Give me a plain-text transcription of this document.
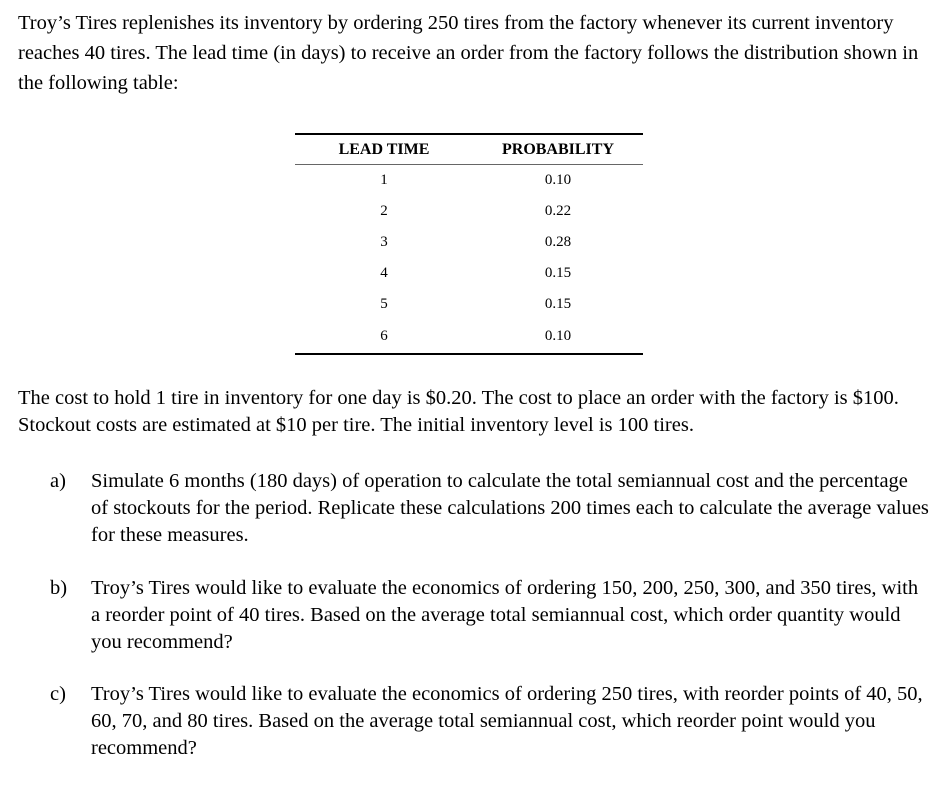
Troy’s Tires replenishes its inventory by ordering 250 tires from the factory whenever its current inventory reaches 40 tires. The lead time (in days) to receive an order from the factory follows the distribution shown in the following table:

LEAD TIME	PROBABILITY
1	0.10
2	0.22
3	0.28
4	0.15
5	0.15
6	0.10

The cost to hold 1 tire in inventory for one day is $0.20. The cost to place an order with the factory is $100. Stockout costs are estimated at $10 per tire. The initial inventory level is 100 tires.

a) Simulate 6 months (180 days) of operation to calculate the total semiannual cost and the percentage of stockouts for the period. Replicate these calculations 200 times each to calculate the average values for these measures.
b) Troy’s Tires would like to evaluate the economics of ordering 150, 200, 250, 300, and 350 tires, with a reorder point of 40 tires. Based on the average total semiannual cost, which order quantity would you recommend?
c) Troy’s Tires would like to evaluate the economics of ordering 250 tires, with reorder points of 40, 50, 60, 70, and 80 tires. Based on the average total semiannual cost, which reorder point would you recommend?
